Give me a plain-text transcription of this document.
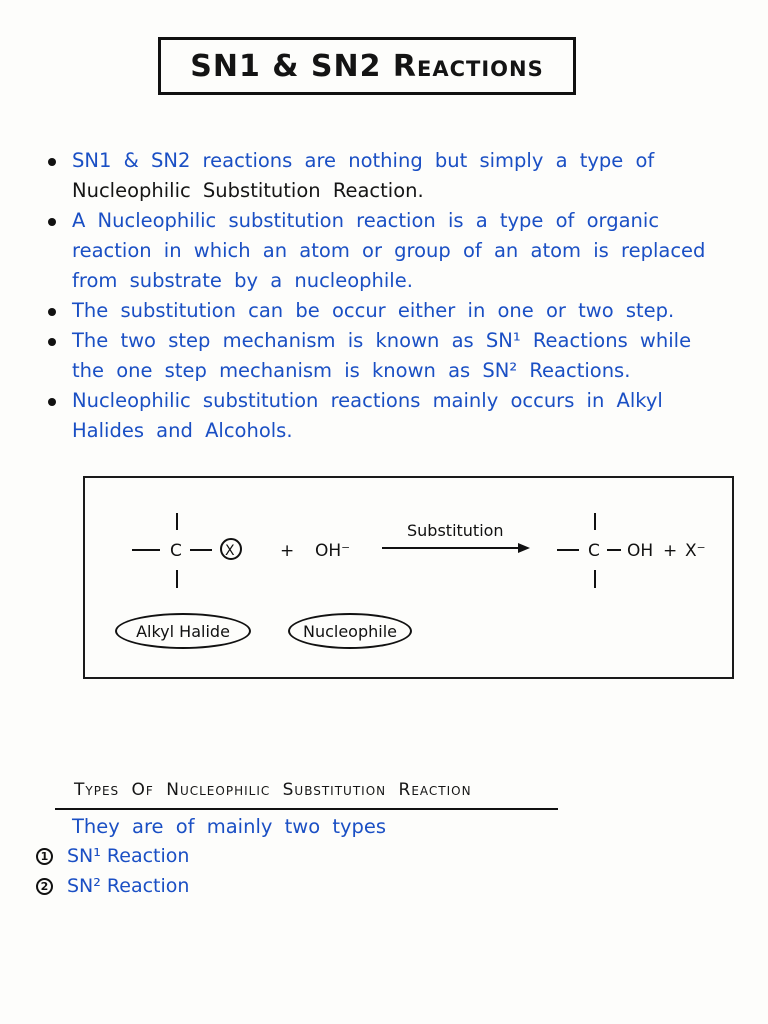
SN1 & SN2 Reactions
SN1 & SN2 reactions are nothing but simply a type of
Nucleophilic Substitution Reaction.
A Nucleophilic substitution reaction is a type of organic
reaction in which an atom or group of an atom is replaced
from substrate by a nucleophile.
The substitution can be occur either in one or two step.
The two step mechanism is known as SN¹ Reactions while
the one step mechanism is known as SN² Reactions.
Nucleophilic substitution reactions mainly occurs in Alkyl
Halides and Alcohols.
C	X	+ OH⁻
Substitution
C OH + X⁻
Alkyl Halide	Nucleophile
Types Of Nucleophilic Substitution Reaction
They are of mainly two types
1 SN¹ Reaction
2 SN² Reaction
